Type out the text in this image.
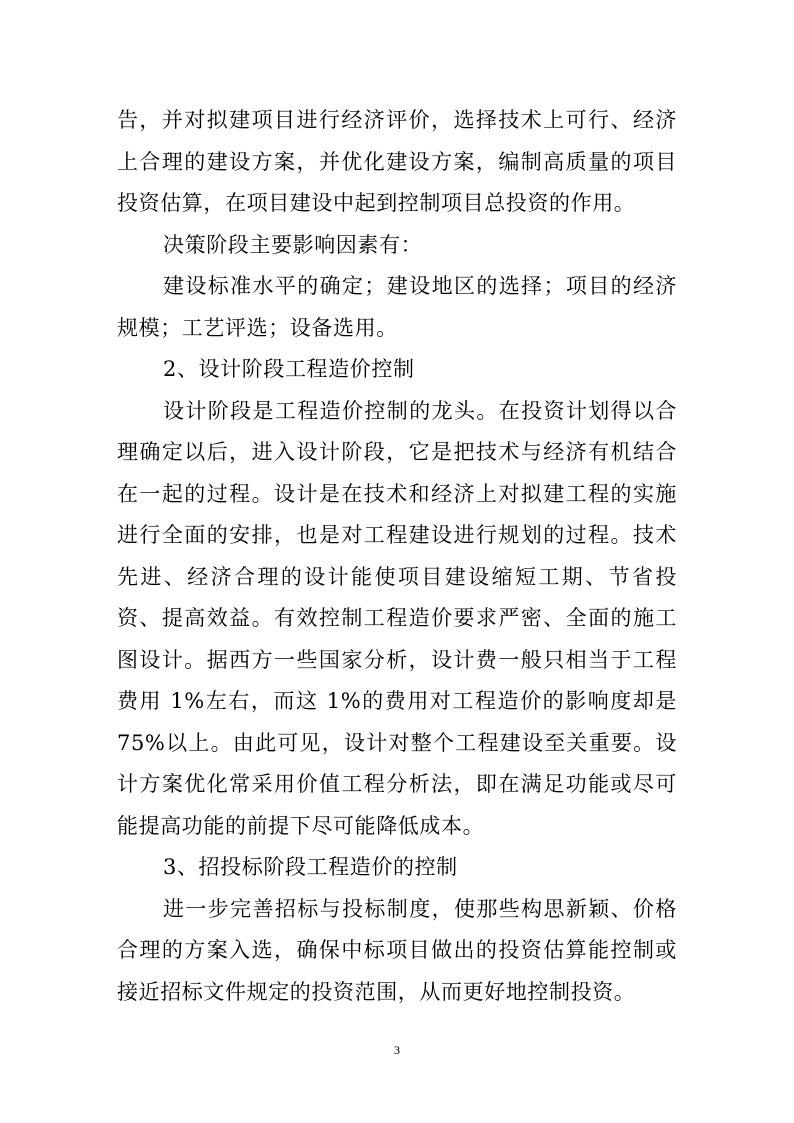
告，并对拟建项目进行经济评价，选择技术上可行、经济上合理的建设方案，并优化建设方案，编制高质量的项目投资估算，在项目建设中起到控制项目总投资的作用。

决策阶段主要影响因素有：

建设标准水平的确定；建设地区的选择；项目的经济规模；工艺评选；设备选用。

2、设计阶段工程造价控制

设计阶段是工程造价控制的龙头。在投资计划得以合理确定以后，进入设计阶段，它是把技术与经济有机结合在一起的过程。设计是在技术和经济上对拟建工程的实施进行全面的安排，也是对工程建设进行规划的过程。技术先进、经济合理的设计能使项目建设缩短工期、节省投资、提高效益。有效控制工程造价要求严密、全面的施工图设计。据西方一些国家分析，设计费一般只相当于工程费用 1%左右，而这 1%的费用对工程造价的影响度却是 75%以上。由此可见，设计对整个工程建设至关重要。设计方案优化常采用价值工程分析法，即在满足功能或尽可能提高功能的前提下尽可能降低成本。

3、招投标阶段工程造价的控制

进一步完善招标与投标制度，使那些构思新颖、价格合理的方案入选，确保中标项目做出的投资估算能控制或接近招标文件规定的投资范围，从而更好地控制投资。

3
